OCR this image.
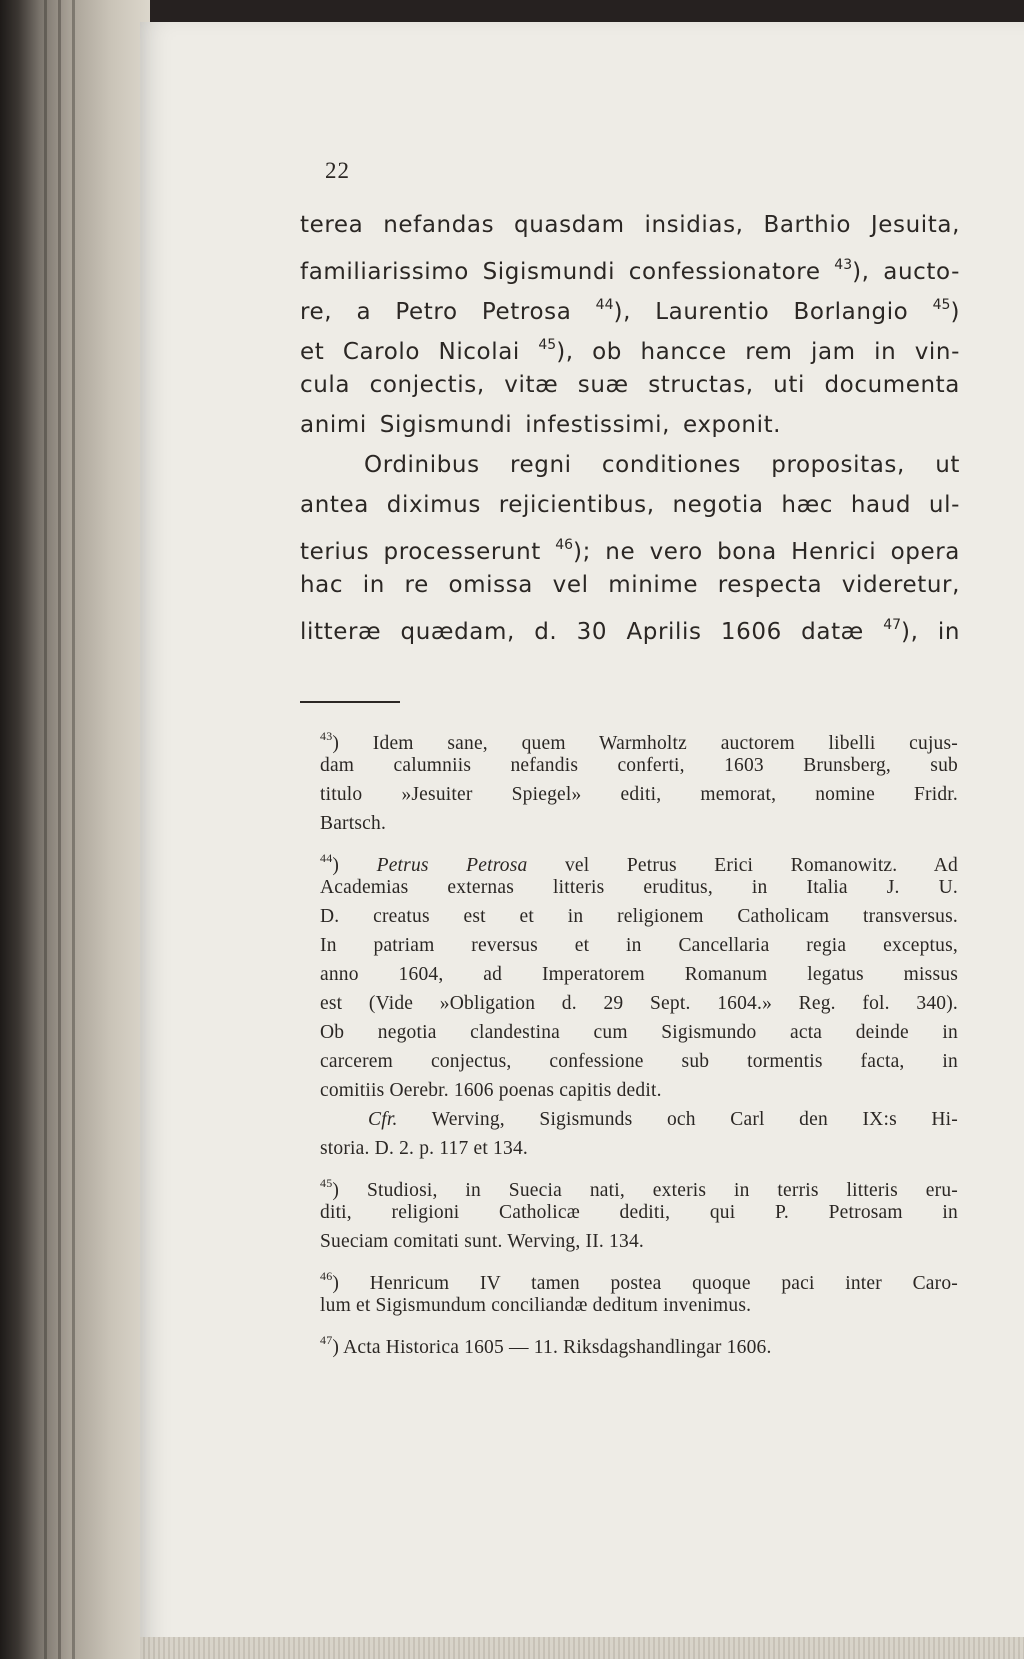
22
terea nefandas quasdam insidias, Barthio Jesuita,
familiarissimo Sigismundi confessionatore $^{43}$), aucto-
re, a Petro Petrosa $^{44}$), Laurentio Borlangio $^{45}$)
et Carolo Nicolai $^{45}$), ob hancce rem jam in vin-
cula conjectis, vitæ suæ structas, uti documenta
animi Sigismundi infestissimi, exponit.
Ordinibus regni conditiones propositas, ut
antea diximus rejicientibus, negotia hæc haud ul-
terius processerunt $^{46}$); ne vero bona Henrici opera
hac in re omissa vel minime respecta videretur,
litteræ quædam, d. 30 Aprilis 1606 datæ $^{47}$), in
$^{43}$) Idem sane, quem Warmholtz auctorem libelli cujus-
dam calumniis nefandis conferti, 1603 Brunsberg, sub
titulo »Jesuiter Spiegel» editi, memorat, nomine Fridr.
Bartsch.
$^{44}$) Petrus Petrosa vel Petrus Erici Romanowitz. Ad
Academias externas litteris eruditus, in Italia J. U.
D. creatus est et in religionem Catholicam transversus.
In patriam reversus et in Cancellaria regia exceptus,
anno 1604, ad Imperatorem Romanum legatus missus
est (Vide »Obligation d. 29 Sept. 1604.» Reg. fol. 340).
Ob negotia clandestina cum Sigismundo acta deinde in
carcerem conjectus, confessione sub tormentis facta, in
comitiis Oerebr. 1606 poenas capitis dedit.
Cfr. Werving, Sigismunds och Carl den IX:s Hi-
storia. D. 2. p. 117 et 134.
$^{45}$) Studiosi, in Suecia nati, exteris in terris litteris eru-
diti, religioni Catholicæ dediti, qui P. Petrosam in
Sueciam comitati sunt. Werving, II. 134.
$^{46}$) Henricum IV tamen postea quoque paci inter Caro-
lum et Sigismundum conciliandæ deditum invenimus.
$^{47}$) Acta Historica 1605 — 11. Riksdagshandlingar 1606.
